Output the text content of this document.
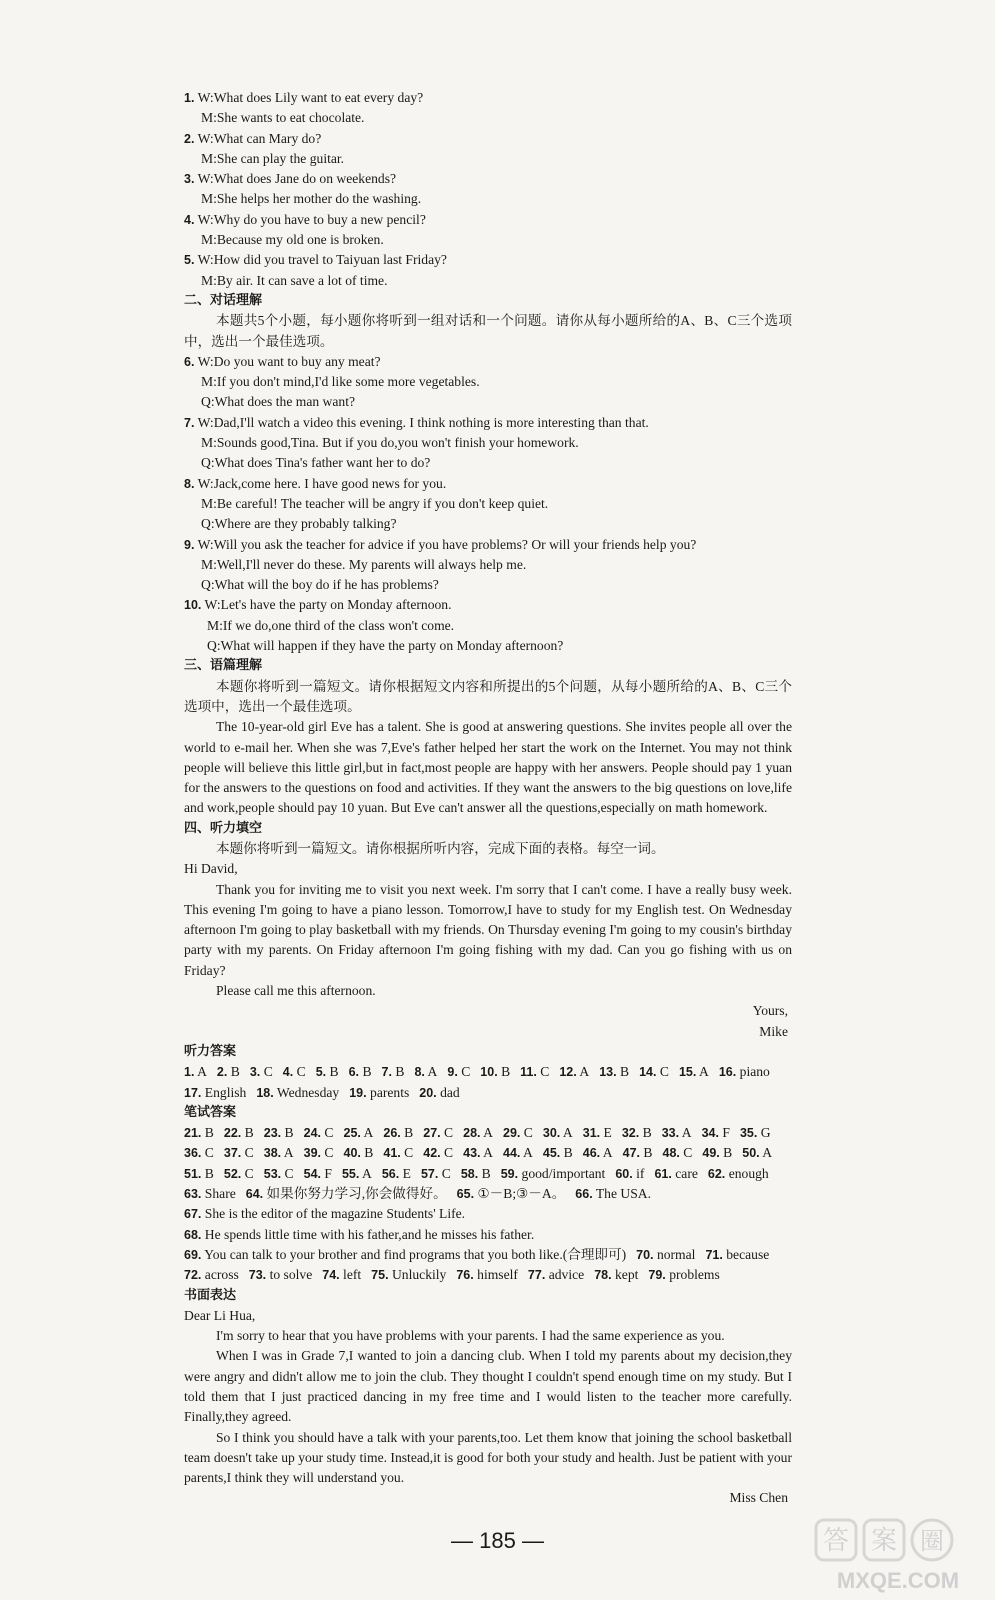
1. W:What does Lily want to eat every day?
M:She wants to eat chocolate.
2. W:What can Mary do?
M:She can play the guitar.
3. W:What does Jane do on weekends?
M:She helps her mother do the washing.
4. W:Why do you have to buy a new pencil?
M:Because my old one is broken.
5. W:How did you travel to Taiyuan last Friday?
M:By air. It can save a lot of time.
二、对话理解
本题共5个小题，每小题你将听到一组对话和一个问题。请你从每小题所给的A、B、C三个选项中，选出一个最佳选项。
6. W:Do you want to buy any meat?
M:If you don't mind,I'd like some more vegetables.
Q:What does the man want?
7. W:Dad,I'll watch a video this evening. I think nothing is more interesting than that.
M:Sounds good,Tina. But if you do,you won't finish your homework.
Q:What does Tina's father want her to do?
8. W:Jack,come here. I have good news for you.
M:Be careful! The teacher will be angry if you don't keep quiet.
Q:Where are they probably talking?
9. W:Will you ask the teacher for advice if you have problems? Or will your friends help you?
M:Well,I'll never do these. My parents will always help me.
Q:What will the boy do if he has problems?
10. W:Let's have the party on Monday afternoon.
M:If we do,one third of the class won't come.
Q:What will happen if they have the party on Monday afternoon?
三、语篇理解
本题你将听到一篇短文。请你根据短文内容和所提出的5个问题，从每小题所给的A、B、C三个选项中，选出一个最佳选项。
The 10-year-old girl Eve has a talent. She is good at answering questions. She invites people all over the world to e-mail her. When she was 7,Eve's father helped her start the work on the Internet. You may not think people will believe this little girl,but in fact,most people are happy with her answers. People should pay 1 yuan for the answers to the questions on food and activities. If they want the answers to the big questions on love,life and work,people should pay 10 yuan. But Eve can't answer all the questions,especially on math homework.
四、听力填空
本题你将听到一篇短文。请你根据所听内容，完成下面的表格。每空一词。
Hi David,
Thank you for inviting me to visit you next week. I'm sorry that I can't come. I have a really busy week. This evening I'm going to have a piano lesson. Tomorrow,I have to study for my English test. On Wednesday afternoon I'm going to play basketball with my friends. On Thursday evening I'm going to my cousin's birthday party with my parents. On Friday afternoon I'm going fishing with my dad. Can you go fishing with us on Friday?
Please call me this afternoon.
Yours,
Mike
听力答案
1. A 2. B 3. C 4. C 5. B 6. B 7. B 8. A 9. C 10. B 11. C 12. A 13. B 14. C 15. A 16. piano
17. English 18. Wednesday 19. parents 20. dad
笔试答案
21. B 22. B 23. B 24. C 25. A 26. B 27. C 28. A 29. C 30. A 31. E 32. B 33. A 34. F 35. G
36. C 37. C 38. A 39. C 40. B 41. C 42. C 43. A 44. A 45. B 46. A 47. B 48. C 49. B 50. A
51. B 52. C 53. C 54. F 55. A 56. E 57. C 58. B 59. good/important 60. if 61. care 62. enough
63. Share 64. 如果你努力学习,你会做得好。 65. ①－B;③－A。 66. The USA.
67. She is the editor of the magazine Students' Life.
68. He spends little time with his father,and he misses his father.
69. You can talk to your brother and find programs that you both like.(合理即可) 70. normal 71. because
72. across 73. to solve 74. left 75. Unluckily 76. himself 77. advice 78. kept 79. problems
书面表达
Dear Li Hua,
I'm sorry to hear that you have problems with your parents. I had the same experience as you.
When I was in Grade 7,I wanted to join a dancing club. When I told my parents about my decision,they were angry and didn't allow me to join the club. They thought I couldn't spend enough time on my study. But I told them that I just practiced dancing in my free time and I would listen to the teacher more carefully. Finally,they agreed.
So I think you should have a talk with your parents,too. Let them know that joining the school basketball team doesn't take up your study time. Instead,it is good for both your study and health. Just be patient with your parents,I think they will understand you.
Miss Chen
— 185 —	答 案 圈
MXQE.COM
